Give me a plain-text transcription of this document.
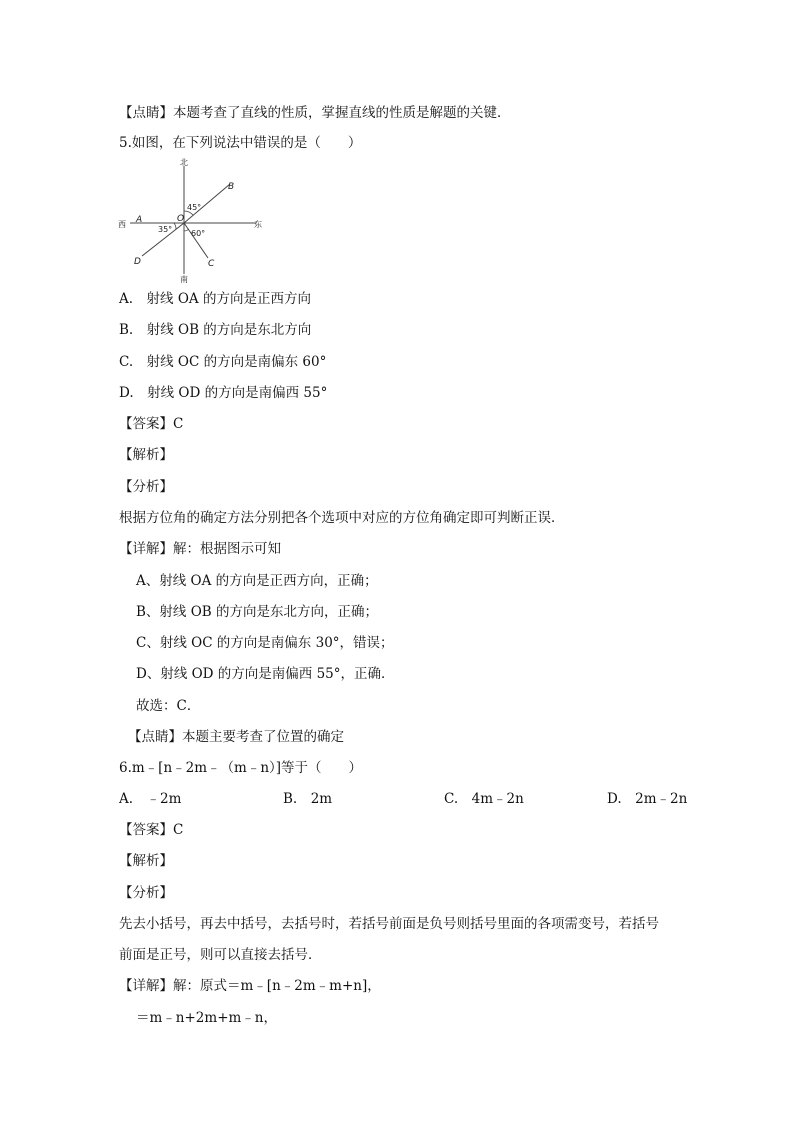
【点睛】本题考查了直线的性质，掌握直线的性质是解题的关键．
5.如图，在下列说法中错误的是（　　）
北
南
东
西
O
A
B
C
D
45°
35° 60°
A.　射线 OA 的方向是正西方向
B.　射线 OB 的方向是东北方向
C.　射线 OC 的方向是南偏东 60°
D.　射线 OD 的方向是南偏西 55°
【答案】C
【解析】
【分析】
根据方位角的确定方法分别把各个选项中对应的方位角确定即可判断正误．
【详解】解：根据图示可知
A、射线 OA 的方向是正西方向，正确；
B、射线 OB 的方向是东北方向，正确；
C、射线 OC 的方向是南偏东 30°，错误；
D、射线 OD 的方向是南偏西 55°，正确．
故选：C．
【点睛】本题主要考查了位置的确定
6.m﹣[n﹣2m﹣（m﹣n）]等于（　　）
A.　﹣2m	B.　2m	C.　4m﹣2n	D.　2m﹣2n
【答案】C
【解析】
【分析】
先去小括号，再去中括号，去括号时，若括号前面是负号则括号里面的各项需变号，若括号
前面是正号，则可以直接去括号．
【详解】解：原式＝m﹣[n﹣2m﹣m+n]，
＝m﹣n+2m+m﹣n，
